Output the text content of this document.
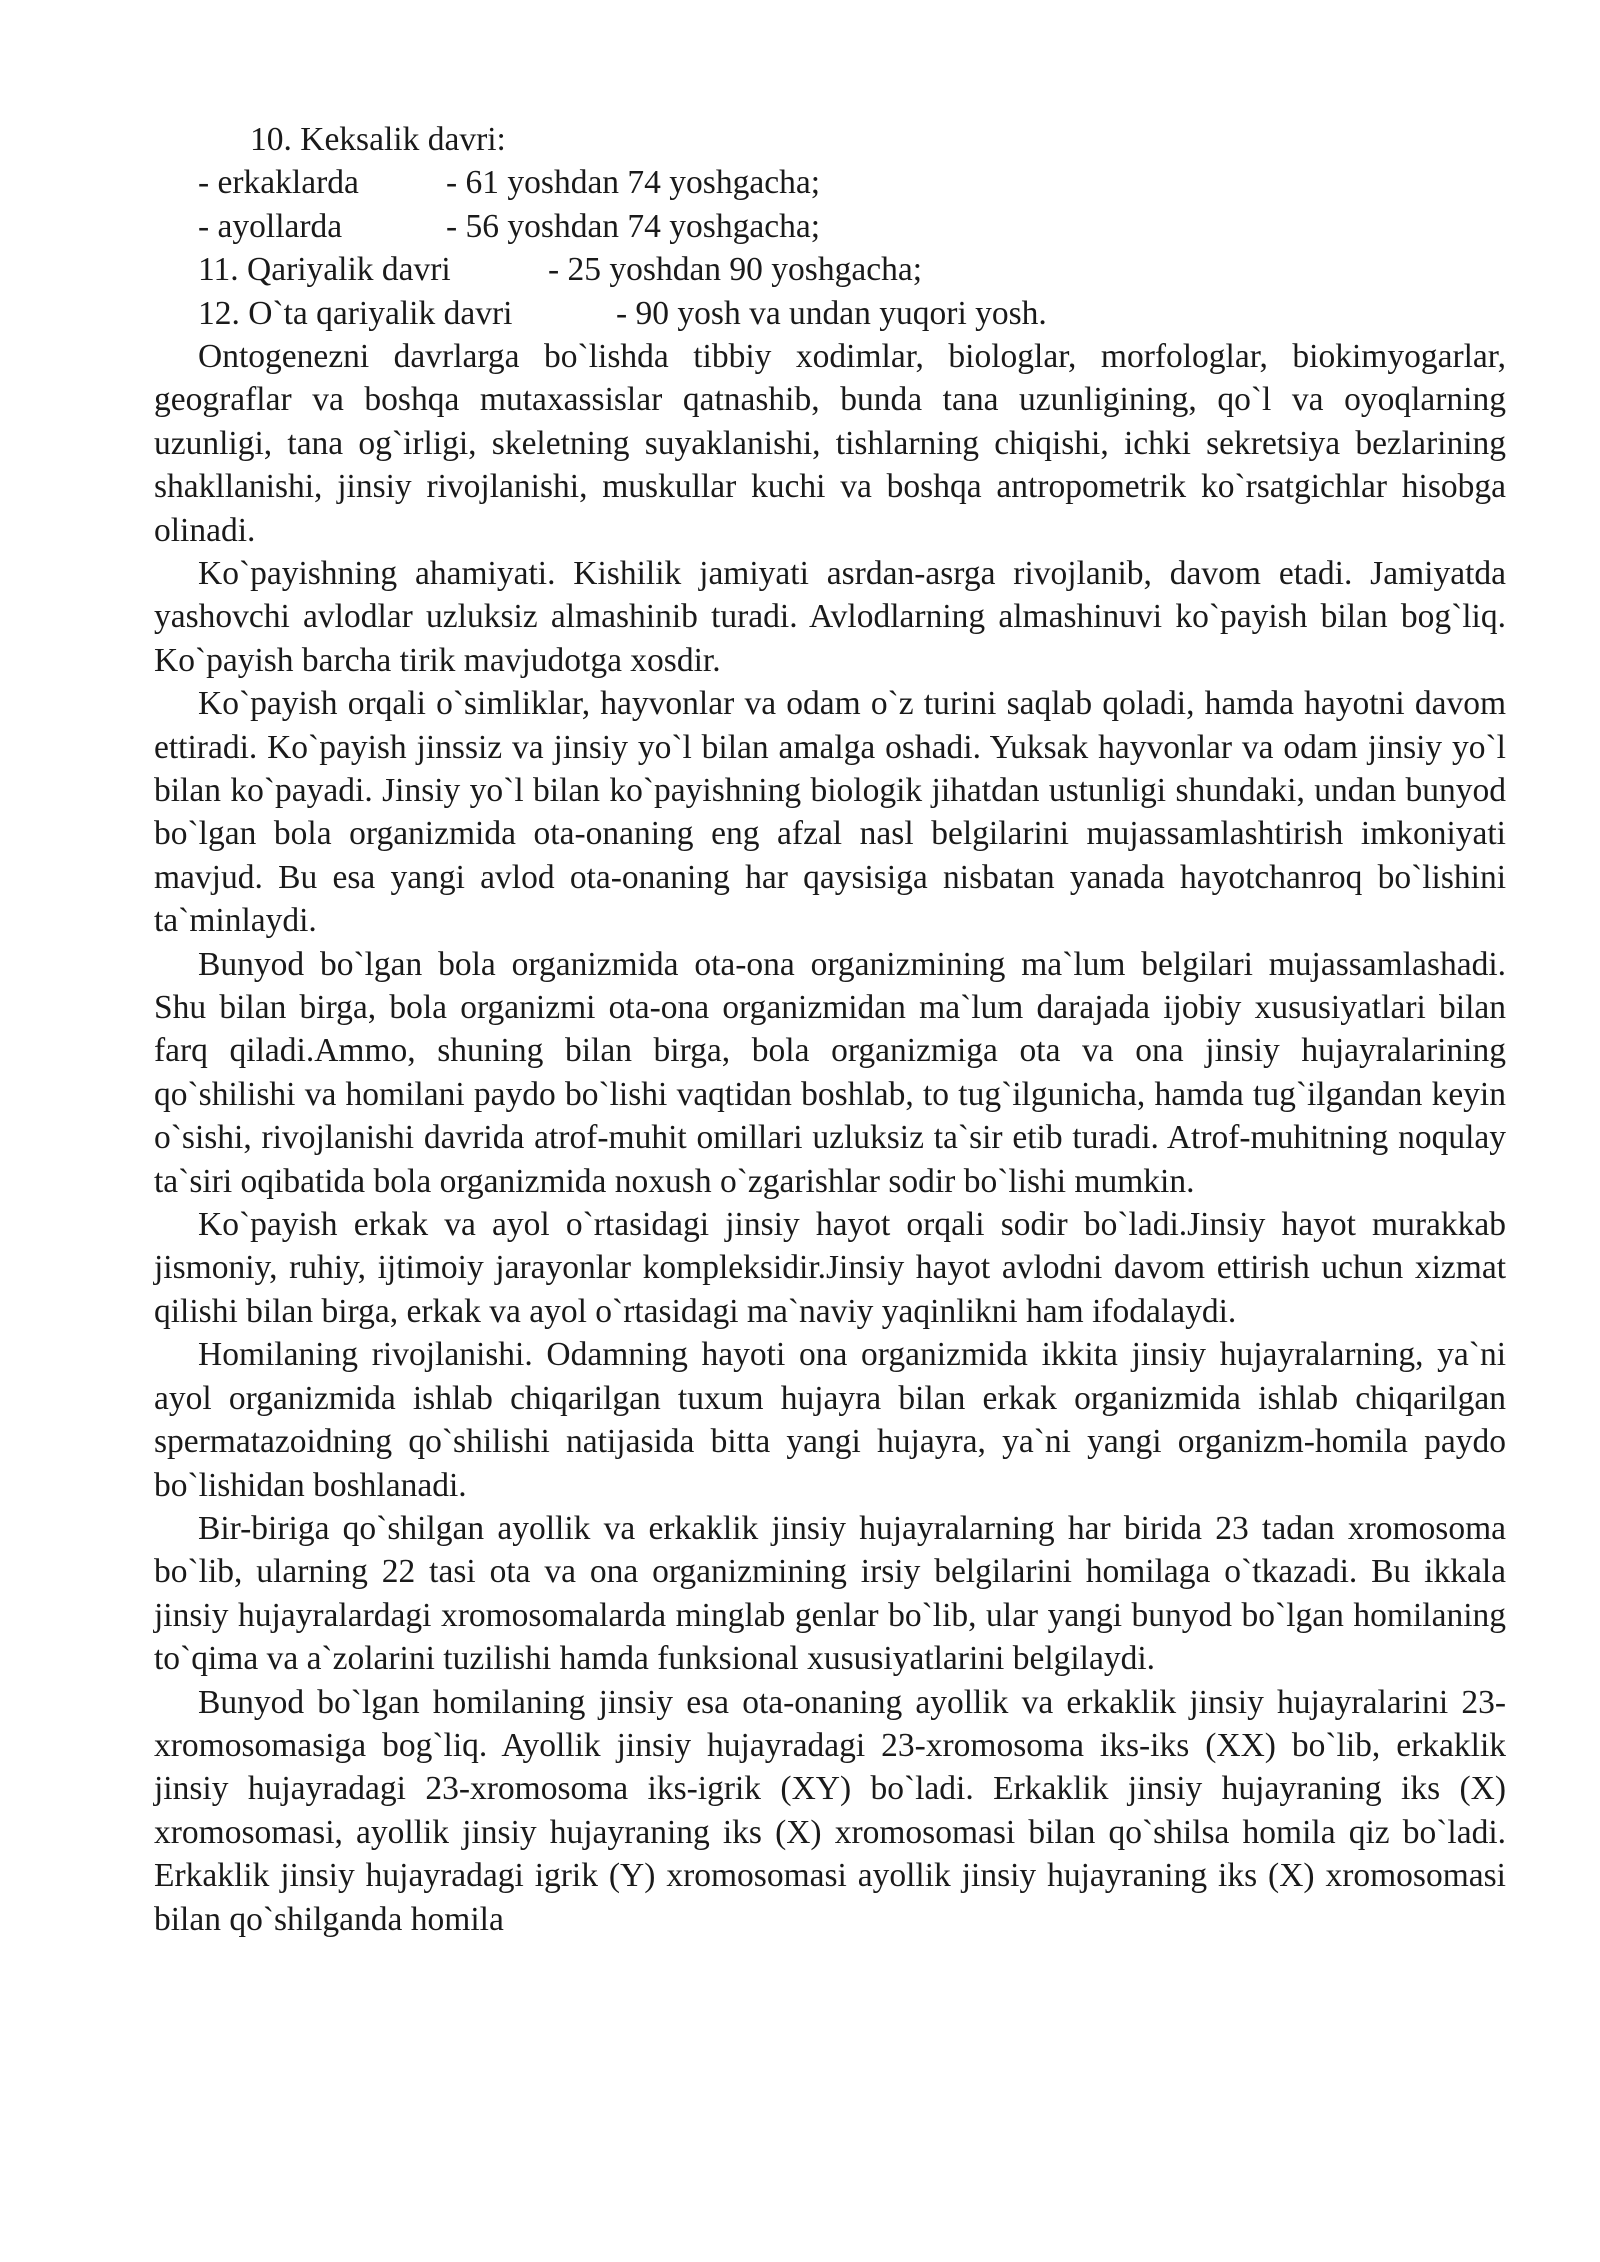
10. Keksalik davri:
- erkaklarda	- 61 yoshdan 74 yoshgacha;
- ayollarda	- 56 yoshdan 74 yoshgacha;
11. Qariyalik davri	- 25 yoshdan 90 yoshgacha;
12. O`ta qariyalik davri	- 90 yosh va undan yuqori yosh.

Ontogenezni davrlarga bo`lishda tibbiy xodimlar, biologlar, morfologlar, biokimyogarlar, geograflar va boshqa mutaxassislar qatnashib, bunda tana uzunligining, qo`l va oyoqlarning uzunligi, tana og`irligi, skeletning suyaklanishi, tishlarning chiqishi, ichki sekretsiya bezlarining shakllanishi, jinsiy rivojlanishi, muskullar kuchi va boshqa antropometrik ko`rsatgichlar hisobga olinadi.

Ko`payishning ahamiyati. Kishilik jamiyati asrdan-asrga rivojlanib, davom etadi. Jamiyatda yashovchi avlodlar uzluksiz almashinib turadi. Avlodlarning almashinuvi ko`payish bilan bog`liq. Ko`payish barcha tirik mavjudotga xosdir.

Ko`payish orqali o`simliklar, hayvonlar va odam o`z turini saqlab qoladi, hamda hayotni davom ettiradi. Ko`payish jinssiz va jinsiy yo`l bilan amalga oshadi. Yuksak hayvonlar va odam jinsiy yo`l bilan ko`payadi. Jinsiy yo`l bilan ko`payishning biologik jihatdan ustunligi shundaki, undan bunyod bo`lgan bola organizmida ota-onaning eng afzal nasl belgilarini mujassamlashtirish imkoniyati mavjud. Bu esa yangi avlod ota-onaning har qaysisiga nisbatan yanada hayotchanroq bo`lishini ta`minlaydi.

Bunyod bo`lgan bola organizmida ota-ona organizmining ma`lum belgilari mujassamlashadi. Shu bilan birga, bola organizmi ota-ona organizmidan ma`lum darajada ijobiy xususiyatlari bilan farq qiladi.Ammo, shuning bilan birga, bola organizmiga ota va ona jinsiy hujayralarining qo`shilishi va homilani paydo bo`lishi vaqtidan boshlab, to tug`ilgunicha, hamda tug`ilgandan keyin o`sishi, rivojlanishi davrida atrof-muhit omillari uzluksiz ta`sir etib turadi. Atrof-muhitning noqulay ta`siri oqibatida bola organizmida noxush o`zgarishlar sodir bo`lishi mumkin.

Ko`payish erkak va ayol o`rtasidagi jinsiy hayot orqali sodir bo`ladi.Jinsiy hayot murakkab jismoniy, ruhiy, ijtimoiy jarayonlar kompleksidir.Jinsiy hayot avlodni davom ettirish uchun xizmat qilishi bilan birga, erkak va ayol o`rtasidagi ma`naviy yaqinlikni ham ifodalaydi.

Homilaning rivojlanishi. Odamning hayoti ona organizmida ikkita jinsiy hujayralarning, ya`ni ayol organizmida ishlab chiqarilgan tuxum hujayra bilan erkak organizmida ishlab chiqarilgan spermatazoidning qo`shilishi natijasida bitta yangi hujayra, ya`ni yangi organizm-homila paydo bo`lishidan boshlanadi.

Bir-biriga qo`shilgan ayollik va erkaklik jinsiy hujayralarning har birida 23 tadan xromosoma bo`lib, ularning 22 tasi ota va ona organizmining irsiy belgilarini homilaga o`tkazadi. Bu ikkala jinsiy hujayralardagi xromosomalarda minglab genlar bo`lib, ular yangi bunyod bo`lgan homilaning to`qima va a`zolarini tuzilishi hamda funksional xususiyatlarini belgilaydi.

Bunyod bo`lgan homilaning jinsiy esa ota-onaning ayollik va erkaklik jinsiy hujayralarini 23-xromosomasiga bog`liq. Ayollik jinsiy hujayradagi 23-xromosoma iks-iks (XX) bo`lib, erkaklik jinsiy hujayradagi 23-xromosoma iks-igrik (XY) bo`ladi. Erkaklik jinsiy hujayraning iks (X) xromosomasi, ayollik jinsiy hujayraning iks (X) xromosomasi bilan qo`shilsa homila qiz bo`ladi. Erkaklik jinsiy hujayradagi igrik (Y) xromosomasi ayollik jinsiy hujayraning iks (X) xromosomasi bilan qo`shilganda homila
